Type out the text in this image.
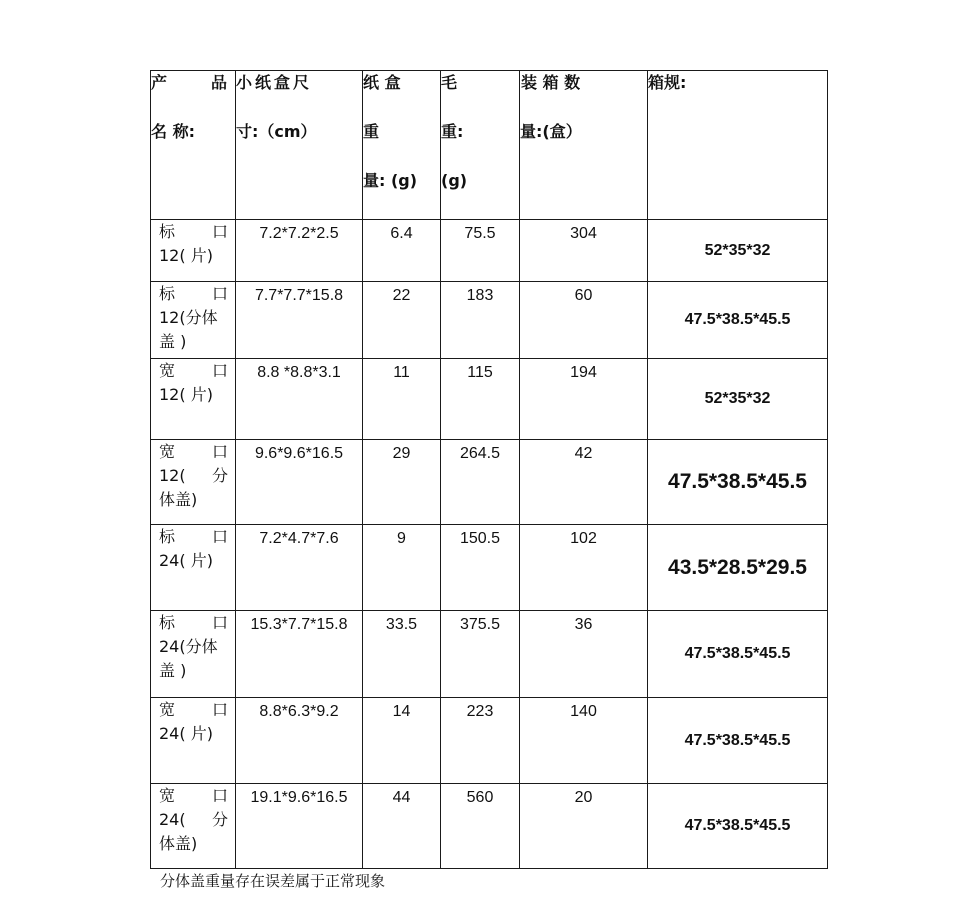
产 品
名 称:	小纸盒尺
寸:（cm）	纸 盒
重
量: (g)	毛
重:
(g)	装 箱 数
量:(盒）	箱规:

标 口
12( 片)	7.2*7.2*2.5	6.4	75.5	304	52*35*32

标 口
12(分体
盖 )	7.7*7.7*15.8	22	183	60	47.5*38.5*45.5

宽 口
12( 片)	8.8 *8.8*3.1	11	115	194	52*35*32

宽 口
12( 分
体盖)	9.6*9.6*16.5	29	264.5	42	47.5*38.5*45.5

标 口
24( 片)	7.2*4.7*7.6	9	150.5	102	43.5*28.5*29.5

标 口
24(分体
盖 )	15.3*7.7*15.8	33.5	375.5	36	47.5*38.5*45.5

宽 口
24( 片)	8.8*6.3*9.2	14	223	140	47.5*38.5*45.5

宽 口
24( 分
体盖)	19.1*9.6*16.5	44	560	20	47.5*38.5*45.5
分体盖重量存在误差属于正常现象
